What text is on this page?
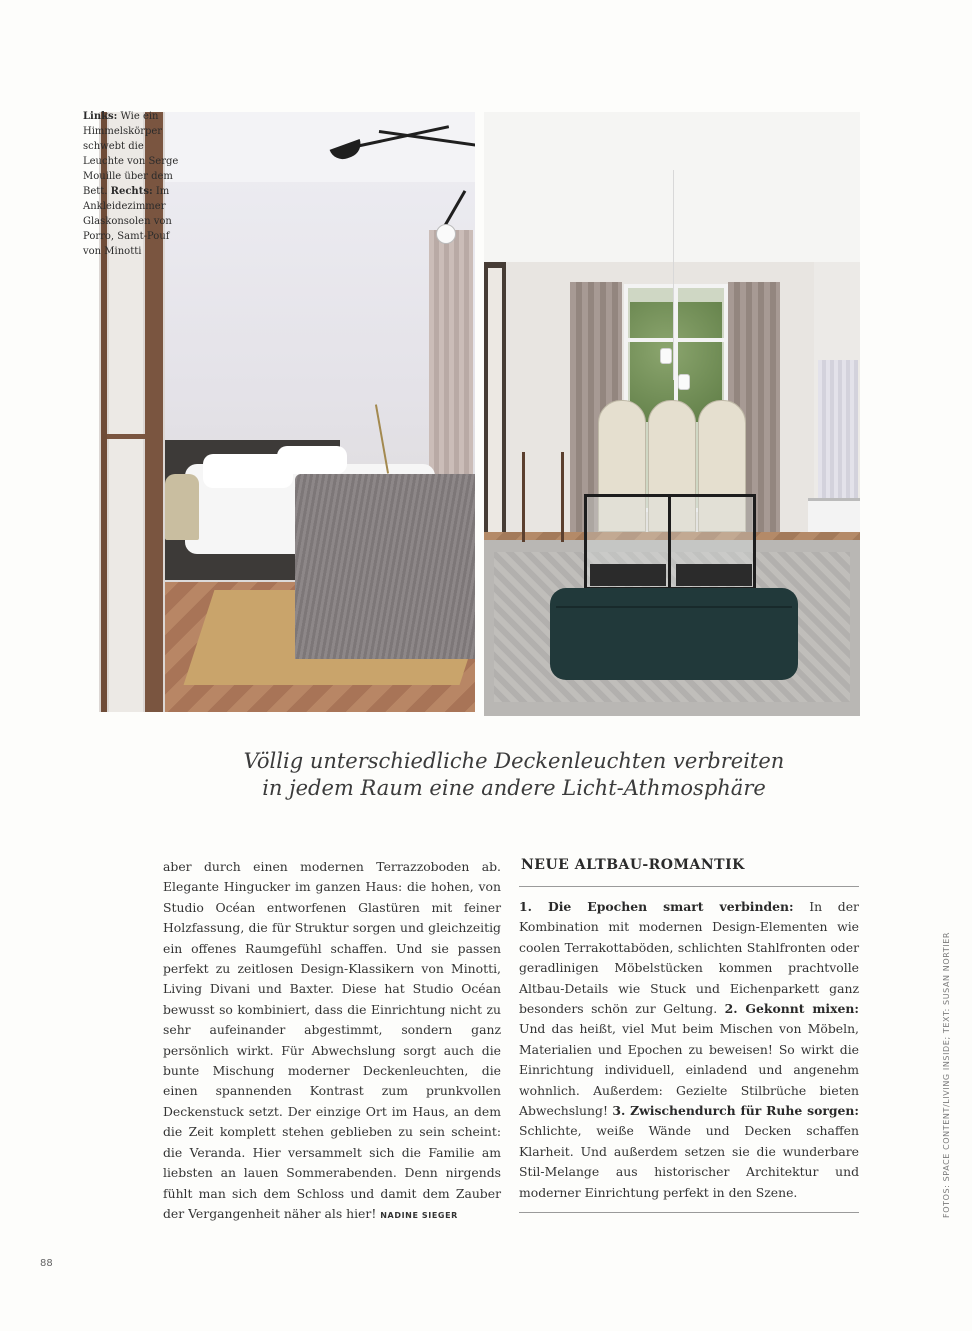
Links: Wie ein Himmelskörper schwebt die Leuchte von Serge Mouille über dem Bett. Rechts: Im Ankleidezimmer Glaskonsolen von Porro, Samt-Pouf von Minotti
Völlig unterschiedliche Deckenleuchten verbreiten
in jedem Raum eine andere Licht-Athmosphäre

aber durch einen modernen Terrazzoboden ab. Elegante Hingucker im ganzen Haus: die hohen, von Studio Océan entworfenen Glastüren mit feiner Holzfassung, die für Struktur sorgen und gleichzeitig ein offenes Raumgefühl schaffen. Und sie passen perfekt zu zeitlosen Design-Klassikern von Minotti, Living Divani und Baxter. Diese hat Studio Océan bewusst so kombiniert, dass die Einrichtung nicht zu sehr aufeinander abgestimmt, sondern ganz persönlich wirkt. Für Abwechslung sorgt auch die bunte Mischung moderner Deckenleuchten, die einen spannenden Kontrast zum prunkvollen Deckenstuck setzt. Der einzige Ort im Haus, an dem die Zeit komplett stehen geblieben zu sein scheint: die Veranda. Hier versammelt sich die Familie am liebsten an lauen Sommerabenden. Denn nirgends fühlt man sich dem Schloss und damit dem Zauber der Vergangenheit näher als hier! NADINE SIEGER

NEUE ALTBAU-ROMANTIK

1. Die Epochen smart verbinden: In der Kombination mit modernen Design-Elementen wie coolen Terrakottaböden, schlichten Stahlfronten oder geradlinigen Möbelstücken kommen prachtvolle Altbau-Details wie Stuck und Eichenparkett ganz besonders schön zur Geltung. 2. Gekonnt mixen: Und das heißt, viel Mut beim Mischen von Möbeln, Materialien und Epochen zu beweisen! So wirkt die Einrichtung individuell, einladend und angenehm wohnlich. Außerdem: Gezielte Stilbrüche bieten Abwechslung! 3. Zwischendurch für Ruhe sorgen: Schlichte, weiße Wände und Decken schaffen Klarheit. Und außerdem setzen sie die wunderbare Stil-Melange aus historischer Architektur und moderner Einrichtung perfekt in den Szene.	FOTOS: SPACE CONTENT/LIVING INSIDE; TEXT: SUSAN NORTIER
88
